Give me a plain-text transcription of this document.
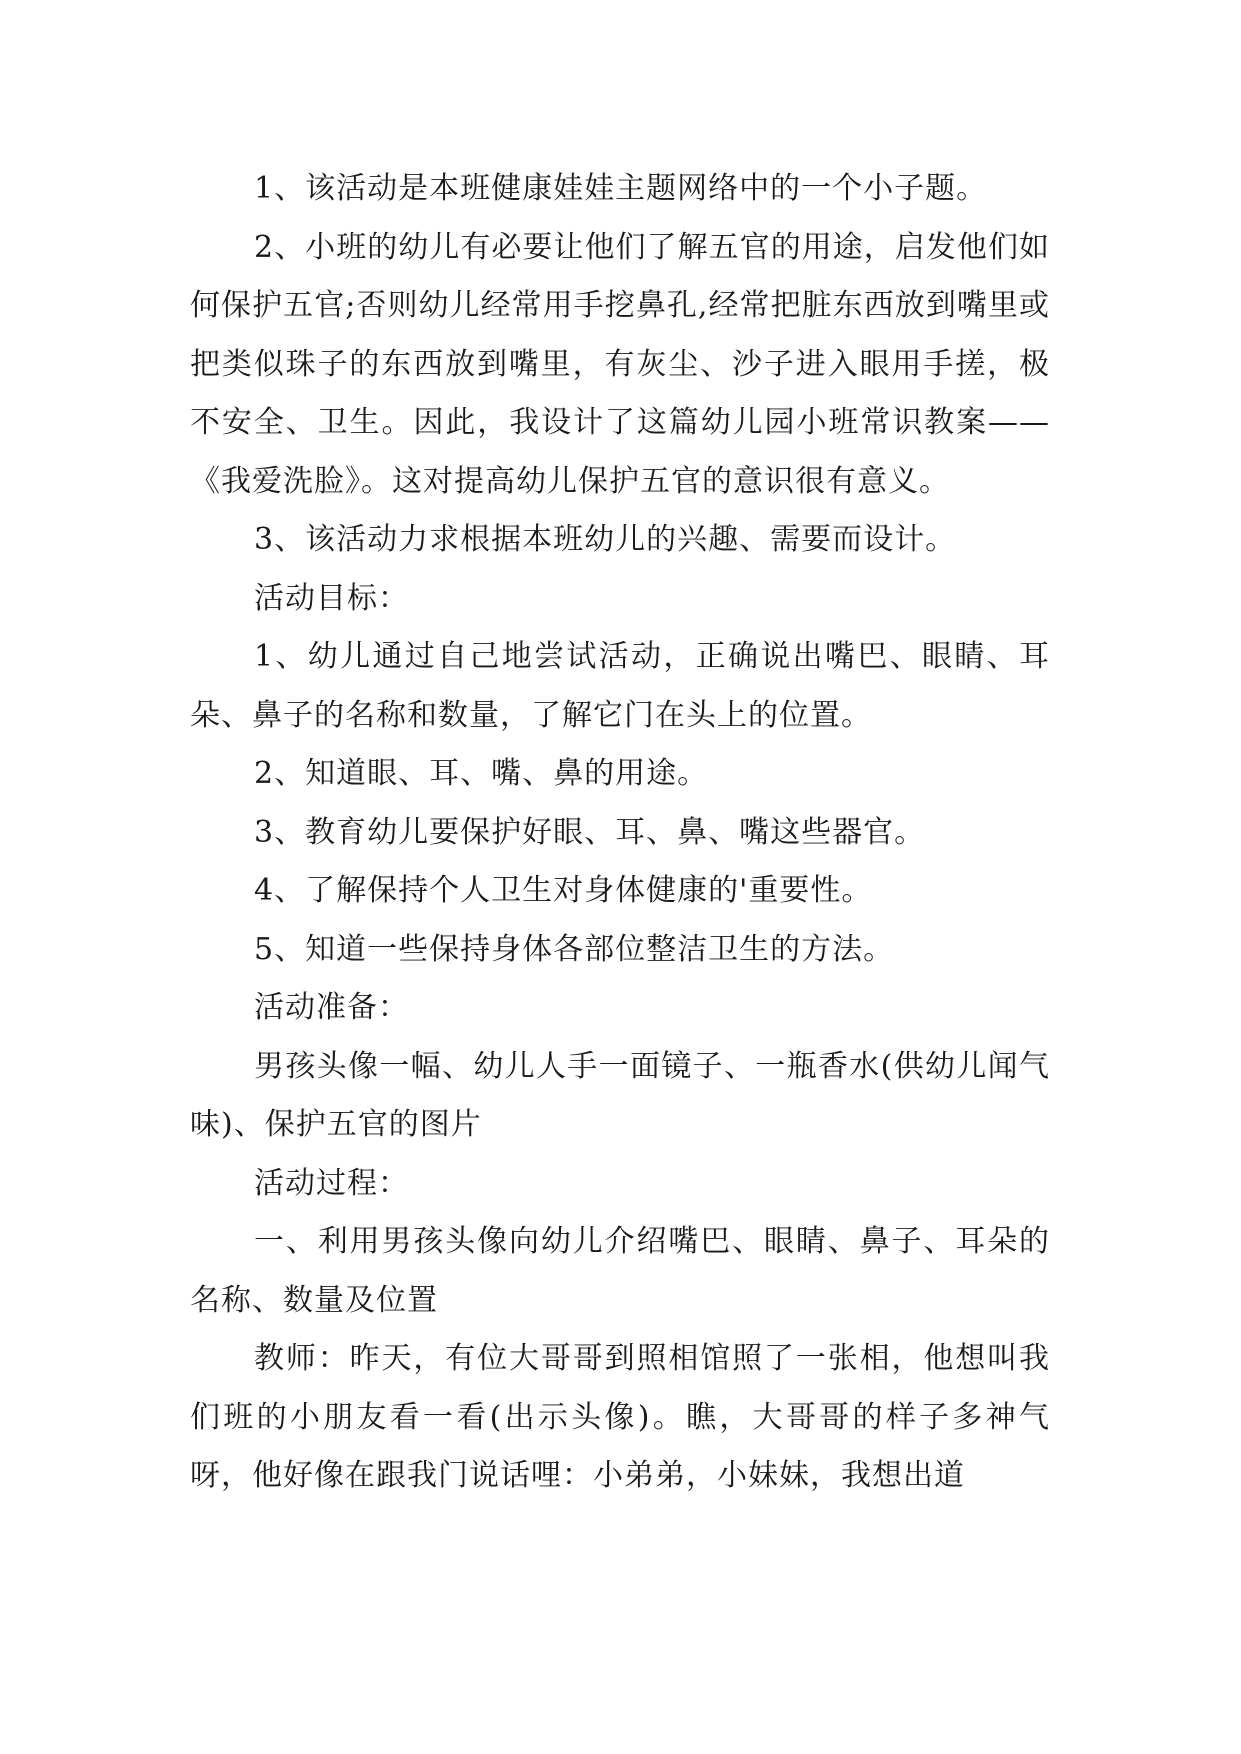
1、该活动是本班健康娃娃主题网络中的一个小子题。

2、小班的幼儿有必要让他们了解五官的用途，启发他们如何保护五官;否则幼儿经常用手挖鼻孔,经常把脏东西放到嘴里或把类似珠子的东西放到嘴里，有灰尘、沙子进入眼用手搓，极不安全、卫生。因此，我设计了这篇幼儿园小班常识教案——《我爱洗脸》。这对提高幼儿保护五官的意识很有意义。

3、该活动力求根据本班幼儿的兴趣、需要而设计。

活动目标：

1、幼儿通过自己地尝试活动，正确说出嘴巴、眼睛、耳朵、鼻子的名称和数量，了解它门在头上的位置。

2、知道眼、耳、嘴、鼻的用途。

3、教育幼儿要保护好眼、耳、鼻、嘴这些器官。

4、了解保持个人卫生对身体健康的'重要性。

5、知道一些保持身体各部位整洁卫生的方法。

活动准备：

男孩头像一幅、幼儿人手一面镜子、一瓶香水(供幼儿闻气味)、保护五官的图片

活动过程：

一、利用男孩头像向幼儿介绍嘴巴、眼睛、鼻子、耳朵的名称、数量及位置

教师：昨天，有位大哥哥到照相馆照了一张相，他想叫我们班的小朋友看一看(出示头像)。瞧，大哥哥的样子多神气呀，他好像在跟我门说话哩：小弟弟，小妹妹，我想出道
